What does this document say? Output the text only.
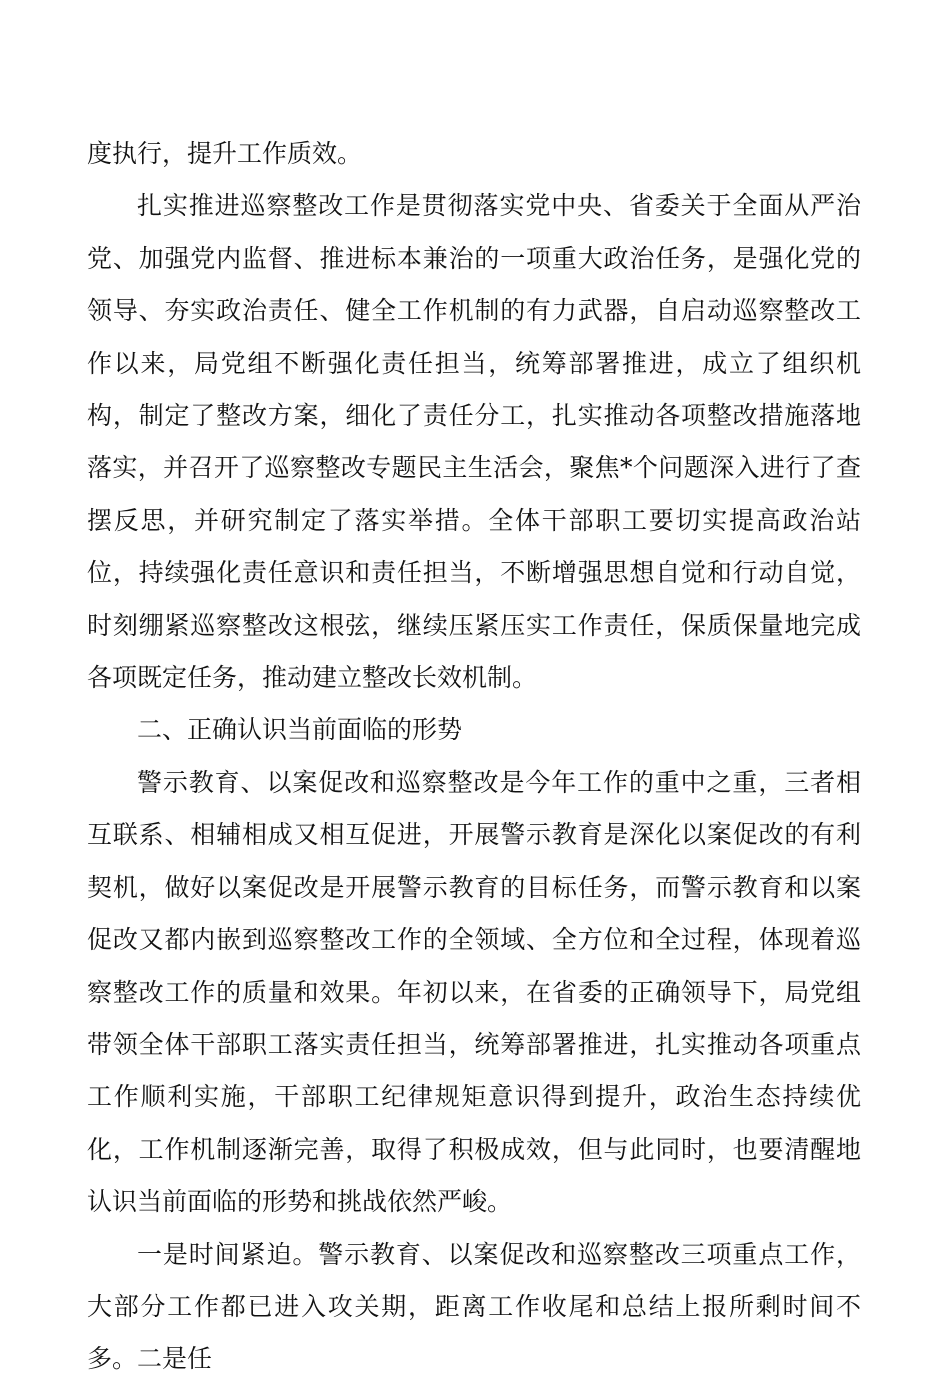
度执行，提升工作质效。

扎实推进巡察整改工作是贯彻落实党中央、省委关于全面从严治党、加强党内监督、推进标本兼治的一项重大政治任务，是强化党的领导、夯实政治责任、健全工作机制的有力武器，自启动巡察整改工作以来，局党组不断强化责任担当，统筹部署推进，成立了组织机构，制定了整改方案，细化了责任分工，扎实推动各项整改措施落地落实，并召开了巡察整改专题民主生活会，聚焦*个问题深入进行了查摆反思，并研究制定了落实举措。全体干部职工要切实提高政治站位，持续强化责任意识和责任担当，不断增强思想自觉和行动自觉，时刻绷紧巡察整改这根弦，继续压紧压实工作责任，保质保量地完成各项既定任务，推动建立整改长效机制。

二、正确认识当前面临的形势

警示教育、以案促改和巡察整改是今年工作的重中之重，三者相互联系、相辅相成又相互促进，开展警示教育是深化以案促改的有利契机，做好以案促改是开展警示教育的目标任务，而警示教育和以案促改又都内嵌到巡察整改工作的全领域、全方位和全过程，体现着巡察整改工作的质量和效果。年初以来，在省委的正确领导下，局党组带领全体干部职工落实责任担当，统筹部署推进，扎实推动各项重点工作顺利实施，干部职工纪律规矩意识得到提升，政治生态持续优化，工作机制逐渐完善，取得了积极成效，但与此同时，也要清醒地认识当前面临的形势和挑战依然严峻。

一是时间紧迫。警示教育、以案促改和巡察整改三项重点工作，大部分工作都已进入攻关期，距离工作收尾和总结上报所剩时间不多。二是任
